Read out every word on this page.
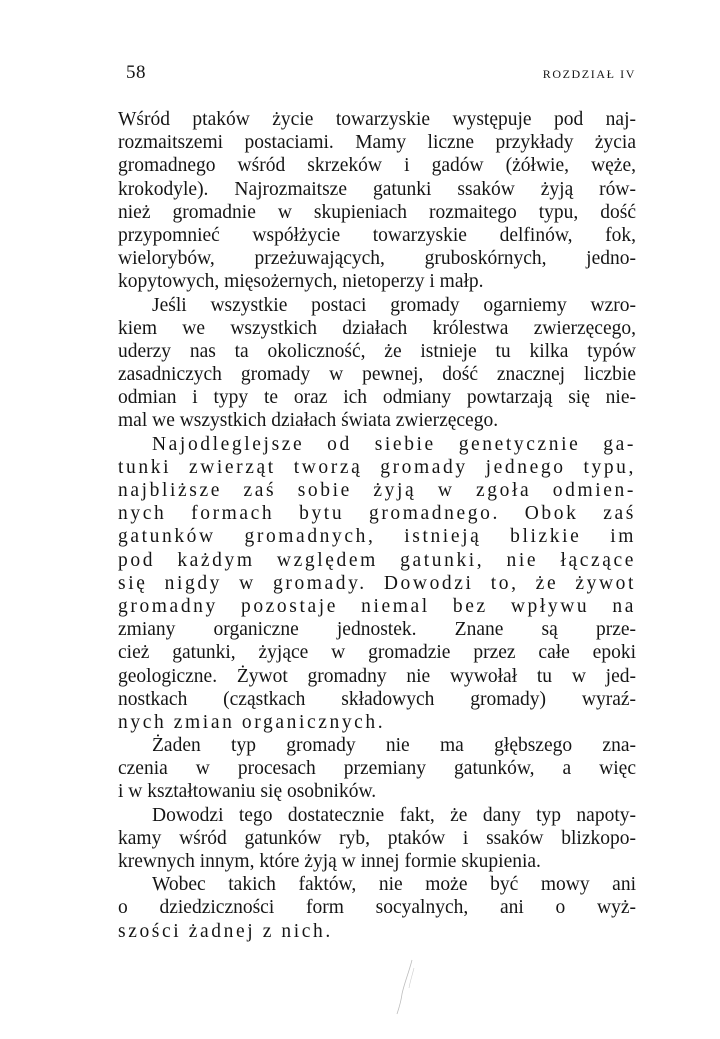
58	ROZDZIAŁ IV
Wśród ptaków życie towarzyskie występuje pod naj-
rozmaitszemi postaciami. Mamy liczne przykłady życia
gromadnego wśród skrzeków i gadów (żółwie, węże,
krokodyle). Najrozmaitsze gatunki ssaków żyją rów-
nież gromadnie w skupieniach rozmaitego typu, dość
przypomnieć współżycie towarzyskie delfinów, fok,
wielorybów, przeżuwających, gruboskórnych, jedno-
kopytowych, mięsożernych, nietoperzy i małp.
Jeśli wszystkie postaci gromady ogarniemy wzro-
kiem we wszystkich działach królestwa zwierzęcego,
uderzy nas ta okoliczność, że istnieje tu kilka typów
zasadniczych gromady w pewnej, dość znacznej liczbie
odmian i typy te oraz ich odmiany powtarzają się nie-
mal we wszystkich działach świata zwierzęcego.
Najodleglejsze od siebie genetycznie ga-
tunki zwierząt tworzą gromady jednego typu,
najbliższe zaś sobie żyją w zgoła odmien-
nych formach bytu gromadnego. Obok zaś
gatunków gromadnych, istnieją blizkie im
pod każdym względem gatunki, nie łączące
się nigdy w gromady. Dowodzi to, że żywot
gromadny pozostaje niemal bez wpływu na
zmiany organiczne jednostek. Znane są prze-
cież gatunki, żyjące w gromadzie przez całe epoki
geologiczne. Żywot gromadny nie wywołał tu w jed-
nostkach (cząstkach składowych gromady) wyraź-
nych zmian organicznych.
Żaden typ gromady nie ma głębszego zna-
czenia w procesach przemiany gatunków, a więc
i w kształtowaniu się osobników.
Dowodzi tego dostatecznie fakt, że dany typ napoty-
kamy wśród gatunków ryb, ptaków i ssaków blizkopo-
krewnych innym, które żyją w innej formie skupienia.
Wobec takich faktów, nie może być mowy ani
o dziedziczności form socyalnych, ani o wyż-
szości żadnej z nich.
